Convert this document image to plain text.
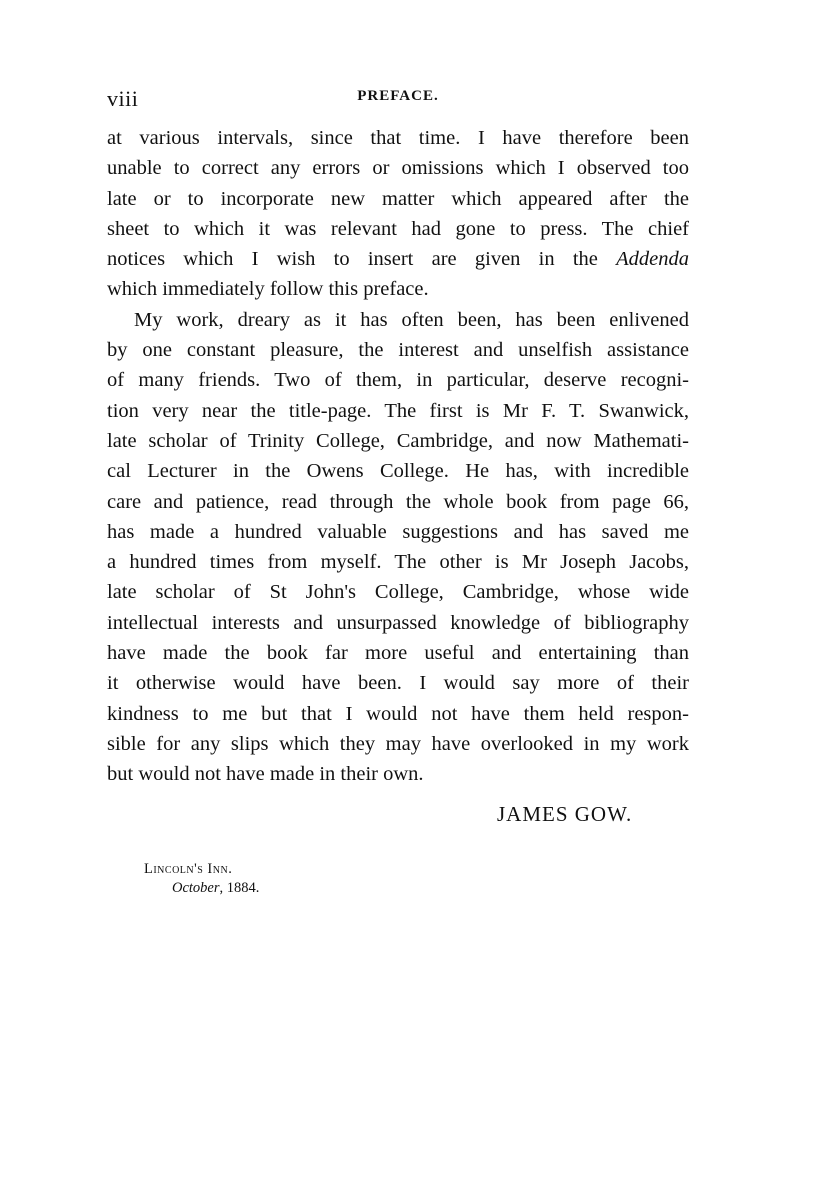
viii	PREFACE.
at various intervals, since that time. I have therefore been
unable to correct any errors or omissions which I observed too
late or to incorporate new matter which appeared after the
sheet to which it was relevant had gone to press. The chief
notices which I wish to insert are given in the Addenda
which immediately follow this preface.
My work, dreary as it has often been, has been enlivened
by one constant pleasure, the interest and unselfish assistance
of many friends. Two of them, in particular, deserve recogni-
tion very near the title-page. The first is Mr F. T. Swanwick,
late scholar of Trinity College, Cambridge, and now Mathemati-
cal Lecturer in the Owens College. He has, with incredible
care and patience, read through the whole book from page 66,
has made a hundred valuable suggestions and has saved me
a hundred times from myself. The other is Mr Joseph Jacobs,
late scholar of St John's College, Cambridge, whose wide
intellectual interests and unsurpassed knowledge of bibliography
have made the book far more useful and entertaining than
it otherwise would have been. I would say more of their
kindness to me but that I would not have them held respon-
sible for any slips which they may have overlooked in my work
but would not have made in their own.
JAMES GOW.
Lincoln's Inn.
October, 1884.
